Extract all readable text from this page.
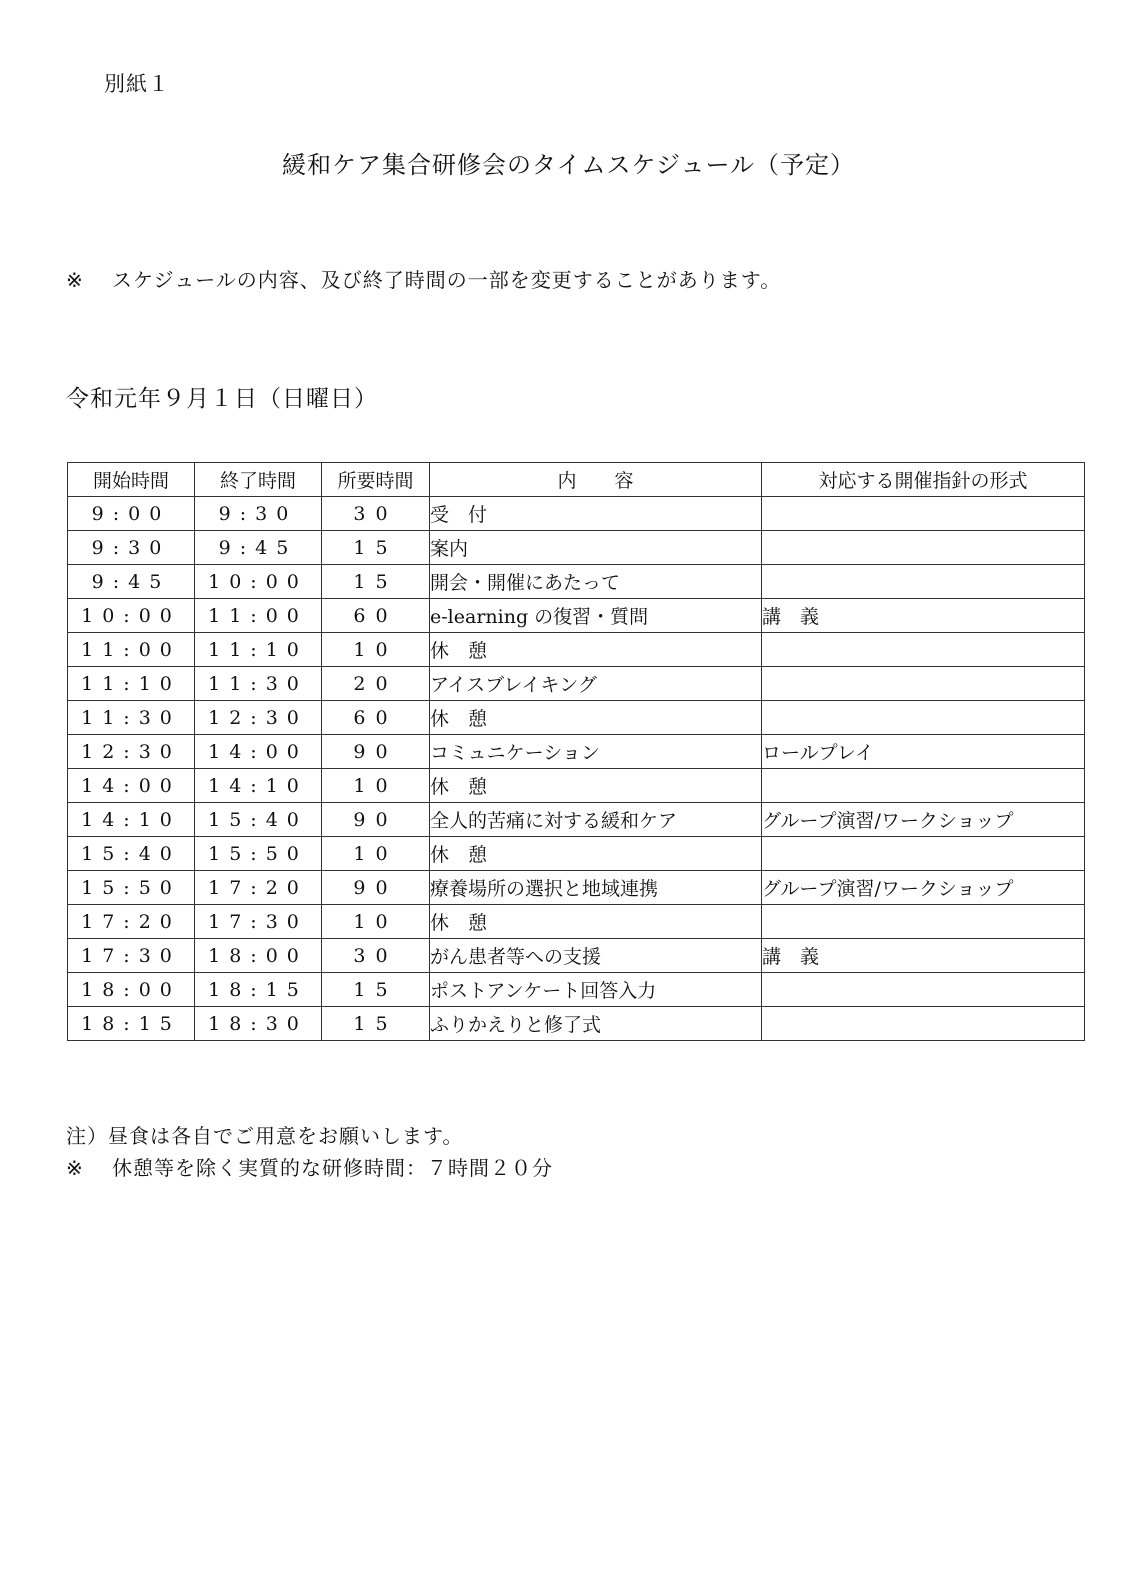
別紙１
緩和ケア集合研修会のタイムスケジュール（予定）
※ スケジュールの内容、及び終了時間の一部を変更することがあります。
令和元年９月１日（日曜日）
開始時間	終了時間	所要時間	内　　容	対応する開催指針の形式
9:00	9:30	30	受　付	
9:30	9:45	15	案内	
9:45	10:00	15	開会・開催にあたって	
10:00	11:00	60	e-learning の復習・質問	講　義
11:00	11:10	10	休　憩	
11:10	11:30	20	アイスブレイキング	
11:30	12:30	60	休　憩	
12:30	14:00	90	コミュニケーション	ロールプレイ
14:00	14:10	10	休　憩	
14:10	15:40	90	全人的苦痛に対する緩和ケア	グループ演習/ワークショップ
15:40	15:50	10	休　憩	
15:50	17:20	90	療養場所の選択と地域連携	グループ演習/ワークショップ
17:20	17:30	10	休　憩	
17:30	18:00	30	がん患者等への支援	講　義
18:00	18:15	15	ポストアンケート回答入力	
18:15	18:30	15	ふりかえりと修了式	
注）昼食は各自でご用意をお願いします。
※ 休憩等を除く実質的な研修時間：７時間２０分
